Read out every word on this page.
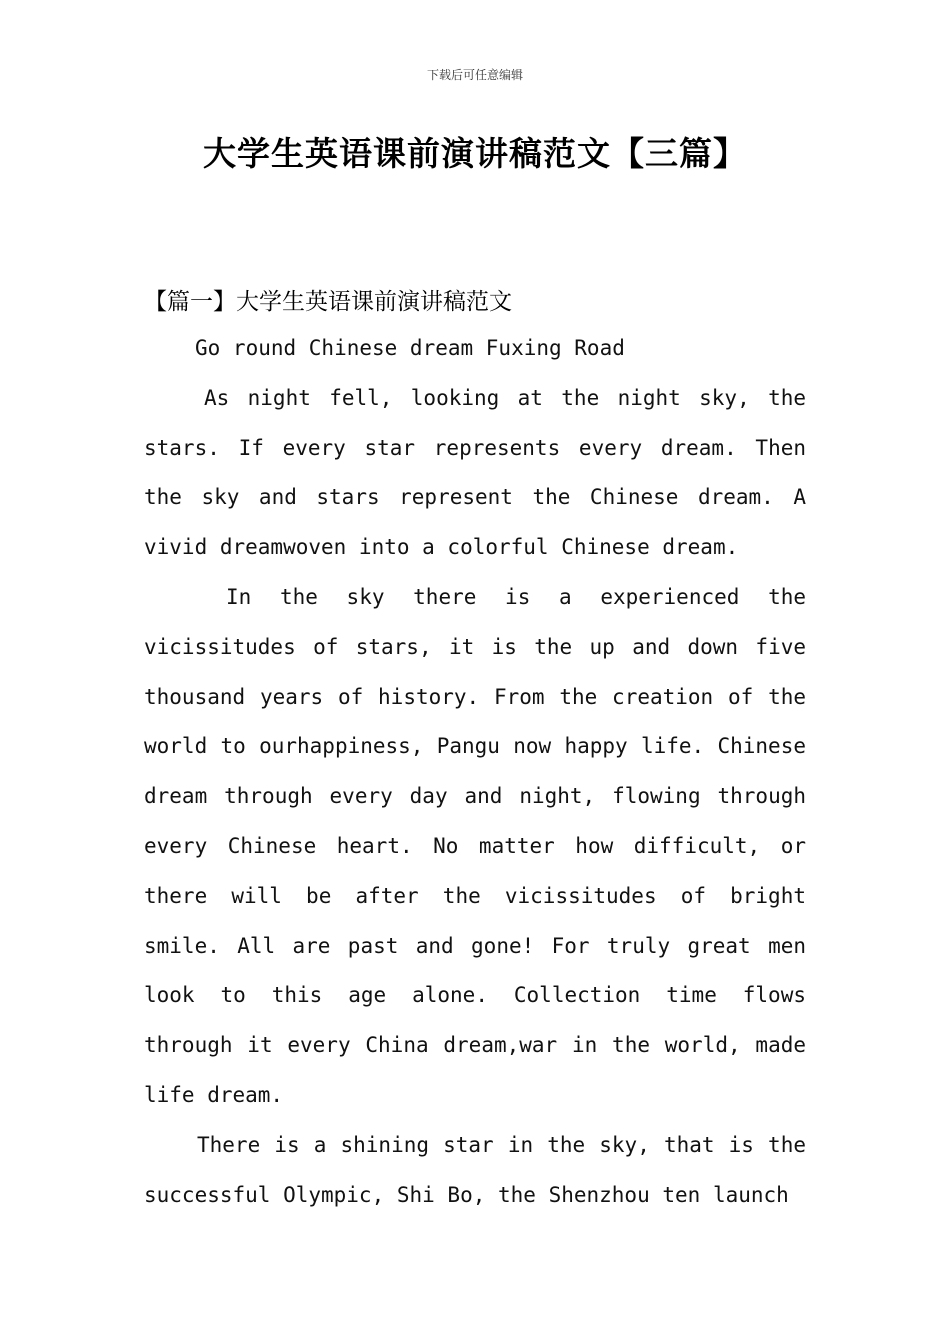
下载后可任意编辑
大学生英语课前演讲稿范文【三篇】
【篇一】大学生英语课前演讲稿范文

Go round Chinese dream Fuxing Road

As night fell, looking at the night sky, the stars. If every star represents every dream. Then the sky and stars represent the Chinese dream. A vivid dreamwoven into a colorful Chinese dream.

In the sky there is a experienced the vicissitudes of stars, it is the up and down five thousand years of history. From the creation of the world to ourhappiness, Pangu now happy life. Chinese dream through every day and night, flowing through every Chinese heart. No matter how difficult, or there will be after the vicissitudes of bright smile. All are past and gone! For truly great men look to this age alone. Collection time flows through it every China dream,war in the world, made life dream.

There is a shining star in the sky, that is the successful Olympic, Shi Bo, the Shenzhou ten launch
